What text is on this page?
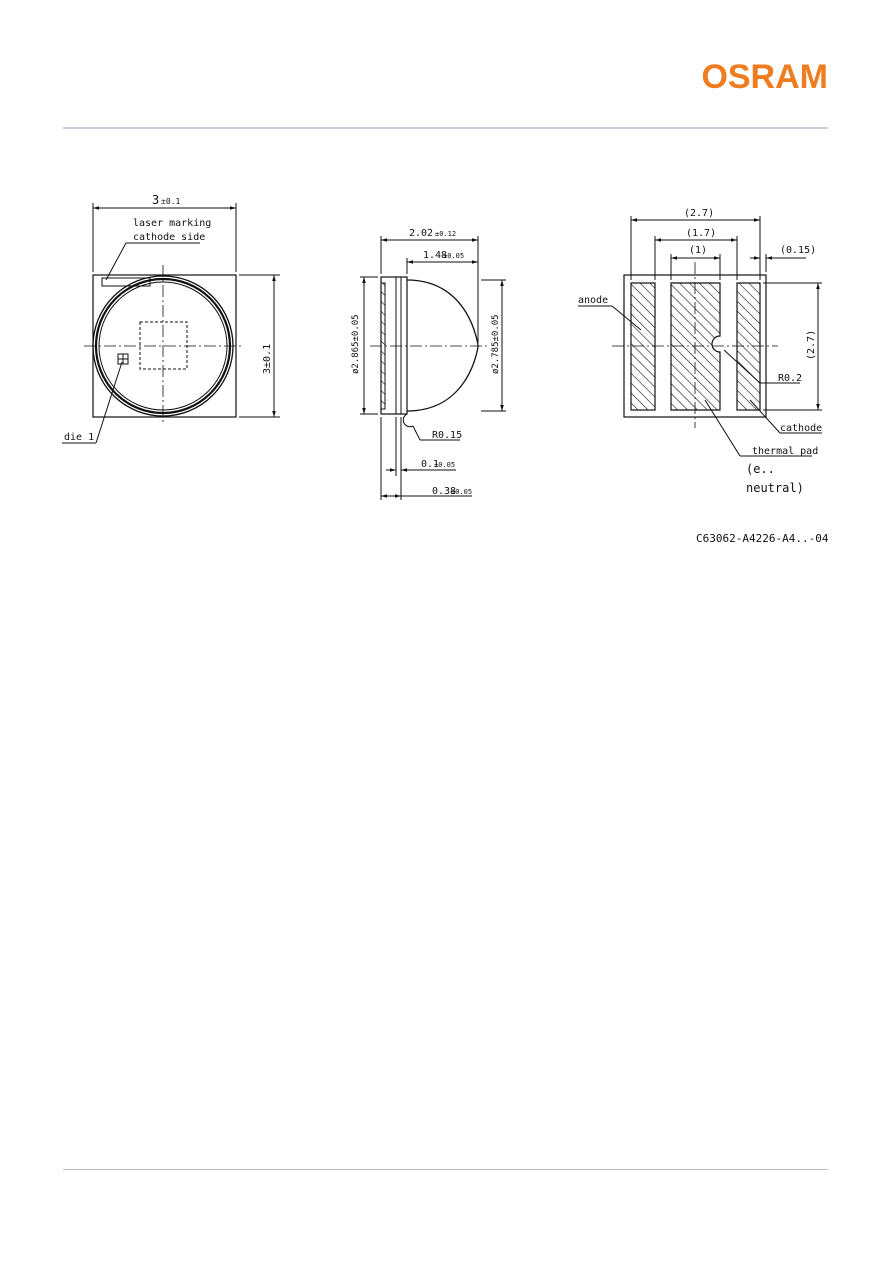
OSRAM
3 ±0.1
3±0.1
laser marking
cathode side
die 1
2.02 ±0.12
1.48
±0.05
ø2.865±0.05	ø2.785±0.05
R0.15
0.1
±0.05
0.38
±0.05
(2.7)
(1.7)
(1)	(0.15)
(2.7)
R0.2
anode
cathode
thermal pad
(e..
neutral)
C63062-A4226-A4..-04
